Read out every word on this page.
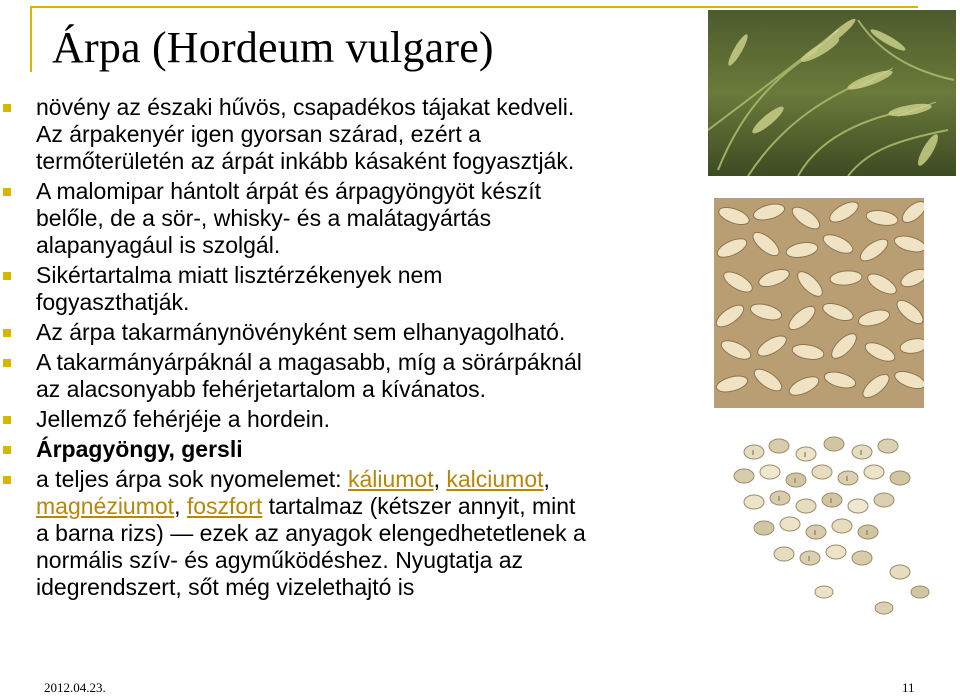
Árpa (Hordeum vulgare)
növény az északi hűvös, csapadékos tájakat kedveli.
Az árpakenyér igen gyorsan szárad, ezért a
termőterületén az árpát inkább kásaként fogyasztják.
A malomipar hántolt árpát és árpagyöngyöt készít
belőle, de a sör-, whisky- és a malátagyártás
alapanyagául is szolgál.
Sikértartalma miatt lisztérzékenyek nem
fogyaszthatják.
Az árpa takarmánynövényként sem elhanyagolható.
A takarmányárpáknál a magasabb, míg a sörárpáknál
az alacsonyabb fehérjetartalom a kívánatos.
Jellemző fehérjéje a hordein.
Árpagyöngy, gersli
a teljes árpa sok nyomelemet: káliumot, kalciumot,
magnéziumot, foszfort tartalmaz (kétszer annyit, mint
a barna rizs) — ezek az anyagok elengedhetetlenek a
normális szív- és agyműködéshez. Nyugtatja az
idegrendszert, sőt még vizelethajtó is
2012.04.23.	11
